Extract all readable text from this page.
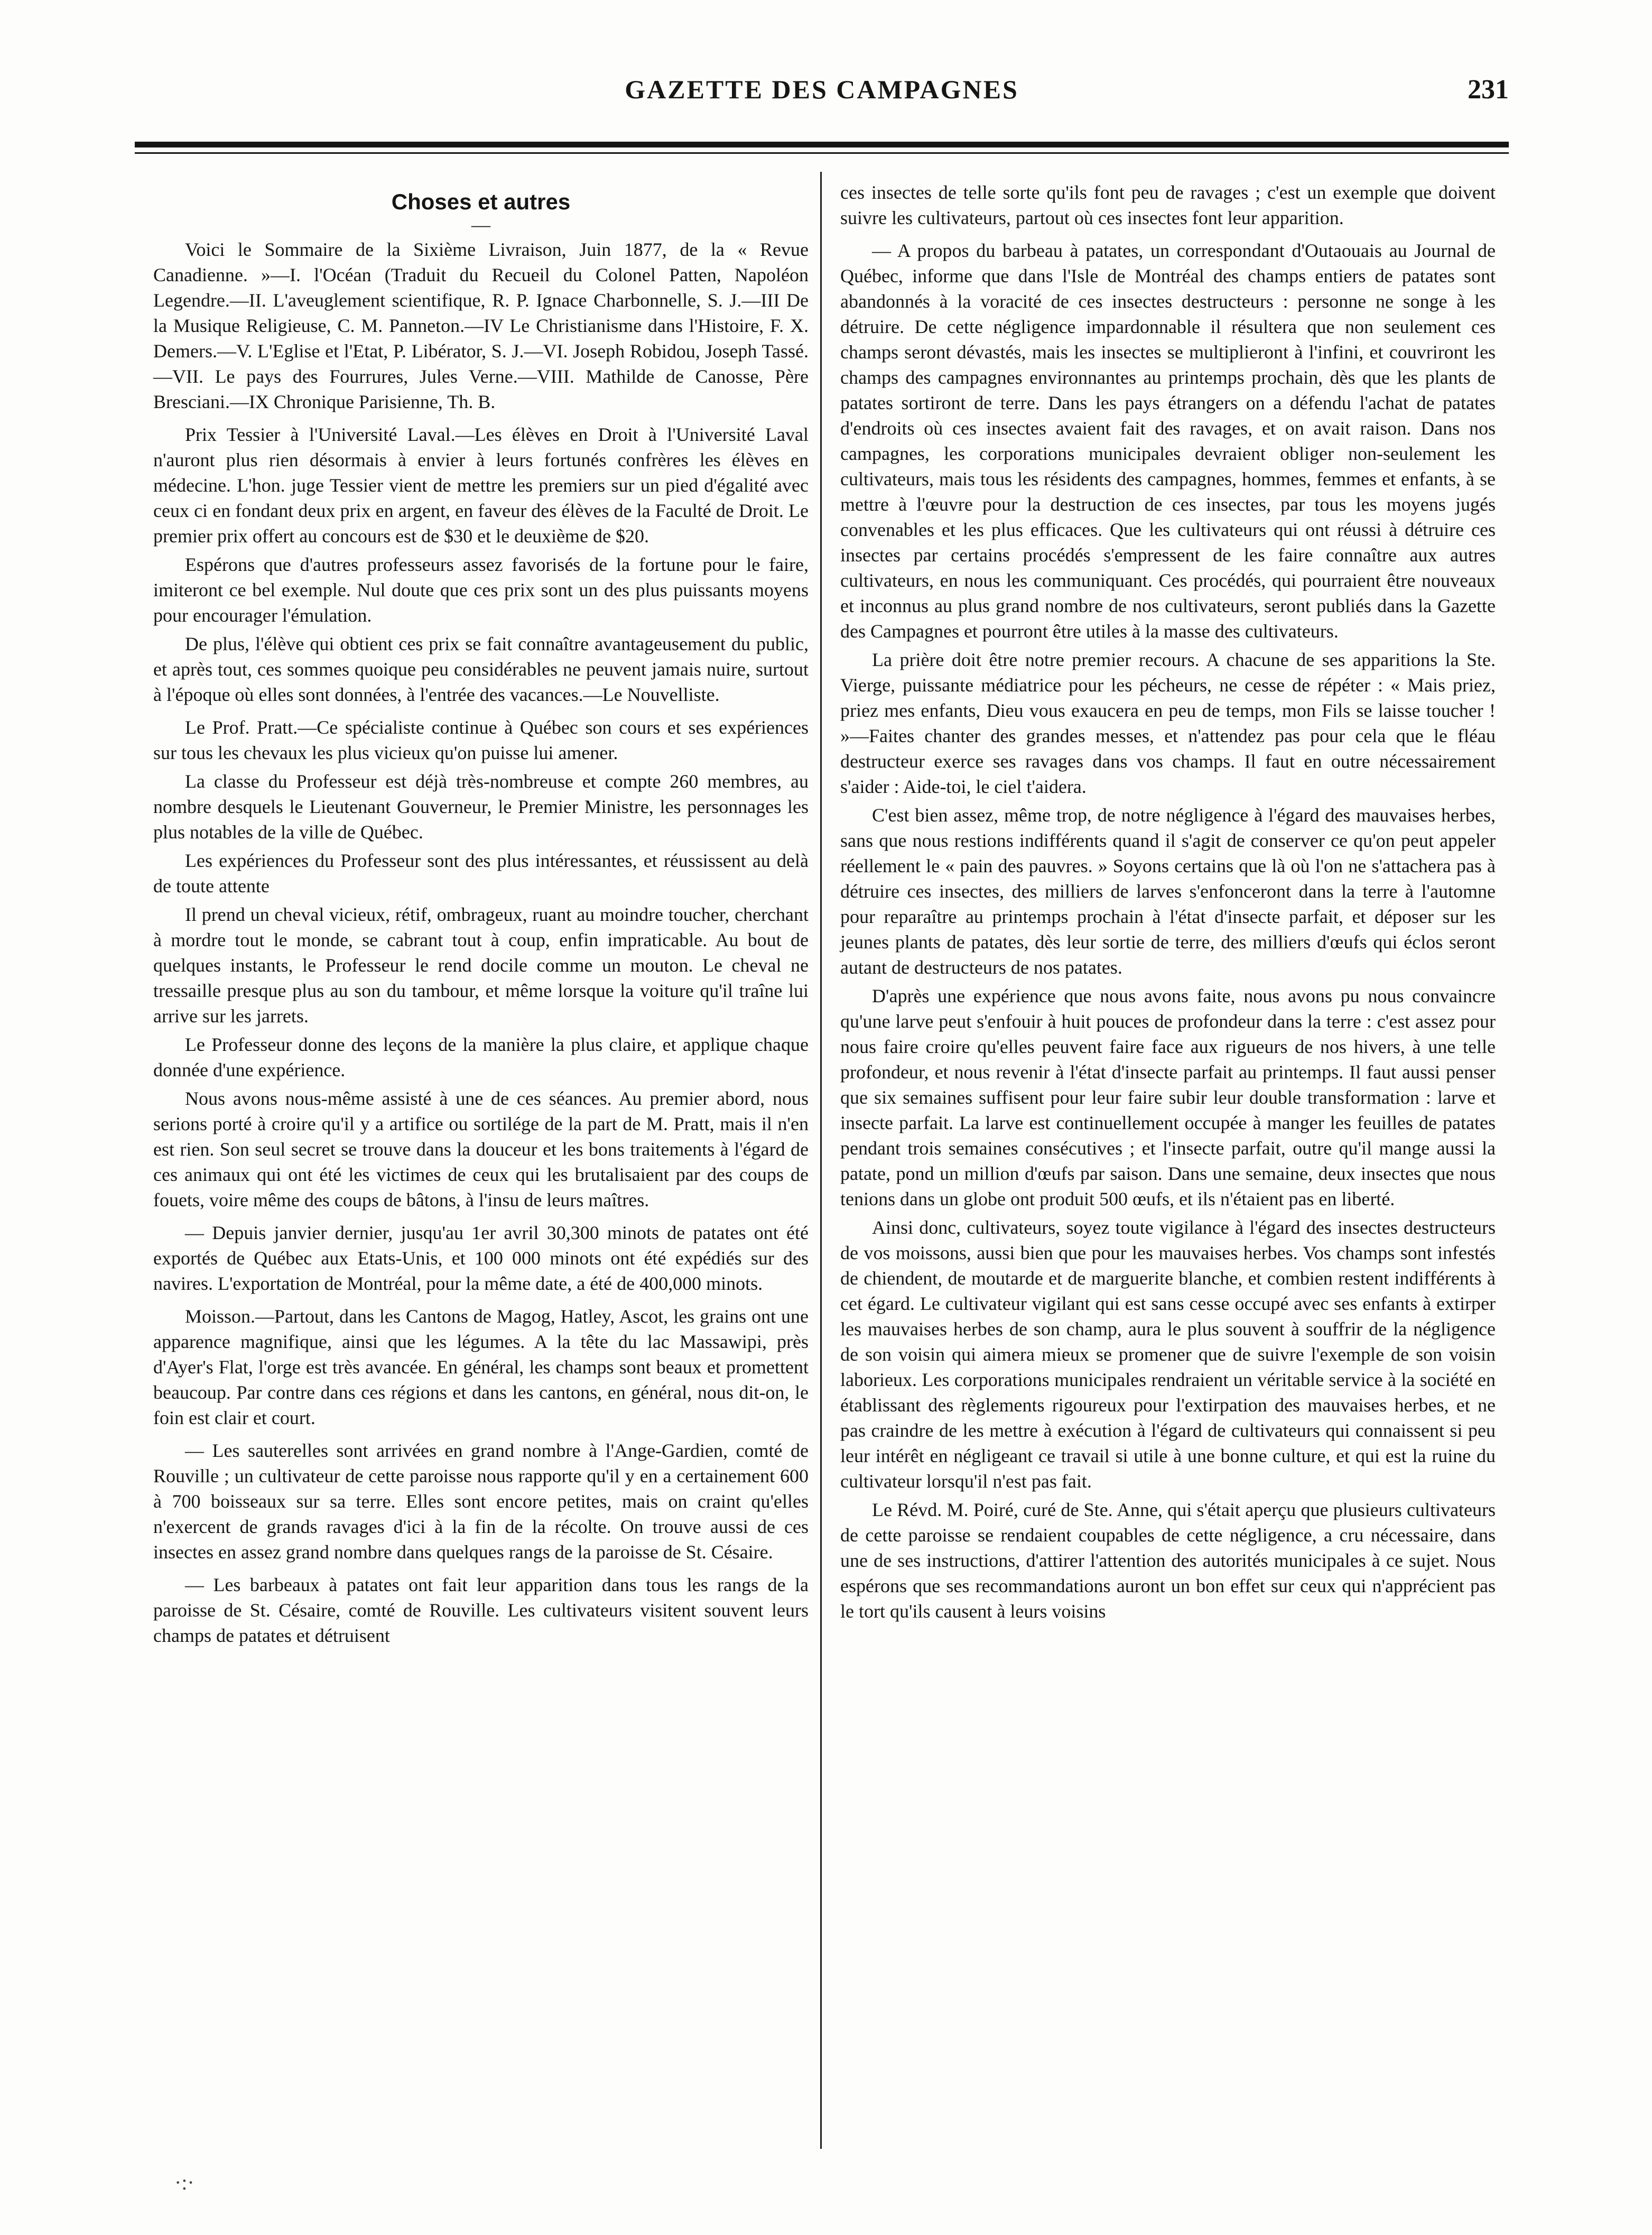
GAZETTE DES CAMPAGNES	231
Choses et autres
—

Voici le Sommaire de la Sixième Livraison, Juin 1877, de la « Revue Canadienne. »—I. l'Océan (Traduit du Recueil du Colonel Patten, Napoléon Legendre.—II. L'aveuglement scientifique, R. P. Ignace Charbonnelle, S. J.—III De la Musique Religieuse, C. M. Panneton.—IV Le Christianisme dans l'Histoire, F. X. Demers.—V. L'Eglise et l'Etat, P. Libérator, S. J.—VI. Joseph Robidou, Joseph Tassé.—VII. Le pays des Fourrures, Jules Verne.—VIII. Mathilde de Canosse, Père Bresciani.—IX Chronique Parisienne, Th. B.

Prix Tessier à l'Université Laval.—Les élèves en Droit à l'Université Laval n'auront plus rien désormais à envier à leurs fortunés confrères les élèves en médecine. L'hon. juge Tessier vient de mettre les premiers sur un pied d'égalité avec ceux ci en fondant deux prix en argent, en faveur des élèves de la Faculté de Droit. Le premier prix offert au concours est de $30 et le deuxième de $20.

Espérons que d'autres professeurs assez favorisés de la fortune pour le faire, imiteront ce bel exemple. Nul doute que ces prix sont un des plus puissants moyens pour encourager l'émulation.

De plus, l'élève qui obtient ces prix se fait connaître avantageusement du public, et après tout, ces sommes quoique peu considérables ne peuvent jamais nuire, surtout à l'époque où elles sont données, à l'entrée des vacances.—Le Nouvelliste.

Le Prof. Pratt.—Ce spécialiste continue à Québec son cours et ses expériences sur tous les chevaux les plus vicieux qu'on puisse lui amener.

La classe du Professeur est déjà très-nombreuse et compte 260 membres, au nombre desquels le Lieutenant Gouverneur, le Premier Ministre, les personnages les plus notables de la ville de Québec.

Les expériences du Professeur sont des plus intéressantes, et réussissent au delà de toute attente

Il prend un cheval vicieux, rétif, ombrageux, ruant au moindre toucher, cherchant à mordre tout le monde, se cabrant tout à coup, enfin impraticable. Au bout de quelques instants, le Professeur le rend docile comme un mouton. Le cheval ne tressaille presque plus au son du tambour, et même lorsque la voiture qu'il traîne lui arrive sur les jarrets.

Le Professeur donne des leçons de la manière la plus claire, et applique chaque donnée d'une expérience.

Nous avons nous-même assisté à une de ces séances. Au premier abord, nous serions porté à croire qu'il y a artifice ou sortilége de la part de M. Pratt, mais il n'en est rien. Son seul secret se trouve dans la douceur et les bons traitements à l'égard de ces animaux qui ont été les victimes de ceux qui les brutalisaient par des coups de fouets, voire même des coups de bâtons, à l'insu de leurs maîtres.

— Depuis janvier dernier, jusqu'au 1er avril 30,300 minots de patates ont été exportés de Québec aux Etats-Unis, et 100 000 minots ont été expédiés sur des navires. L'exportation de Montréal, pour la même date, a été de 400,000 minots.

Moisson.—Partout, dans les Cantons de Magog, Hatley, Ascot, les grains ont une apparence magnifique, ainsi que les légumes. A la tête du lac Massawipi, près d'Ayer's Flat, l'orge est très avancée. En général, les champs sont beaux et promettent beaucoup. Par contre dans ces régions et dans les cantons, en général, nous dit-on, le foin est clair et court.

— Les sauterelles sont arrivées en grand nombre à l'Ange-Gardien, comté de Rouville ; un cultivateur de cette paroisse nous rapporte qu'il y en a certainement 600 à 700 boisseaux sur sa terre. Elles sont encore petites, mais on craint qu'elles n'exercent de grands ravages d'ici à la fin de la récolte. On trouve aussi de ces insectes en assez grand nombre dans quelques rangs de la paroisse de St. Césaire.

— Les barbeaux à patates ont fait leur apparition dans tous les rangs de la paroisse de St. Césaire, comté de Rouville. Les cultivateurs visitent souvent leurs champs de patates et détruisent

ces insectes de telle sorte qu'ils font peu de ravages ; c'est un exemple que doivent suivre les cultivateurs, partout où ces insectes font leur apparition.

— A propos du barbeau à patates, un correspondant d'Outaouais au Journal de Québec, informe que dans l'Isle de Montréal des champs entiers de patates sont abandonnés à la voracité de ces insectes destructeurs : personne ne songe à les détruire. De cette négligence impardonnable il résultera que non seulement ces champs seront dévastés, mais les insectes se multiplieront à l'infini, et couvriront les champs des campagnes environnantes au printemps prochain, dès que les plants de patates sortiront de terre. Dans les pays étrangers on a défendu l'achat de patates d'endroits où ces insectes avaient fait des ravages, et on avait raison. Dans nos campagnes, les corporations municipales devraient obliger non-seulement les cultivateurs, mais tous les résidents des campagnes, hommes, femmes et enfants, à se mettre à l'œuvre pour la destruction de ces insectes, par tous les moyens jugés convenables et les plus efficaces. Que les cultivateurs qui ont réussi à détruire ces insectes par certains procédés s'empressent de les faire connaître aux autres cultivateurs, en nous les communiquant. Ces procédés, qui pourraient être nouveaux et inconnus au plus grand nombre de nos cultivateurs, seront publiés dans la Gazette des Campagnes et pourront être utiles à la masse des cultivateurs.

La prière doit être notre premier recours. A chacune de ses apparitions la Ste. Vierge, puissante médiatrice pour les pécheurs, ne cesse de répéter : « Mais priez, priez mes enfants, Dieu vous exaucera en peu de temps, mon Fils se laisse toucher ! »—Faites chanter des grandes messes, et n'attendez pas pour cela que le fléau destructeur exerce ses ravages dans vos champs. Il faut en outre nécessairement s'aider : Aide-toi, le ciel t'aidera.

C'est bien assez, même trop, de notre négligence à l'égard des mauvaises herbes, sans que nous restions indifférents quand il s'agit de conserver ce qu'on peut appeler réellement le « pain des pauvres. » Soyons certains que là où l'on ne s'attachera pas à détruire ces insectes, des milliers de larves s'enfonceront dans la terre à l'automne pour reparaître au printemps prochain à l'état d'insecte parfait, et déposer sur les jeunes plants de patates, dès leur sortie de terre, des milliers d'œufs qui éclos seront autant de destructeurs de nos patates.

D'après une expérience que nous avons faite, nous avons pu nous convaincre qu'une larve peut s'enfouir à huit pouces de profondeur dans la terre : c'est assez pour nous faire croire qu'elles peuvent faire face aux rigueurs de nos hivers, à une telle profondeur, et nous revenir à l'état d'insecte parfait au printemps. Il faut aussi penser que six semaines suffisent pour leur faire subir leur double transformation : larve et insecte parfait. La larve est continuellement occupée à manger les feuilles de patates pendant trois semaines consécutives ; et l'insecte parfait, outre qu'il mange aussi la patate, pond un million d'œufs par saison. Dans une semaine, deux insectes que nous tenions dans un globe ont produit 500 œufs, et ils n'étaient pas en liberté.

Ainsi donc, cultivateurs, soyez toute vigilance à l'égard des insectes destructeurs de vos moissons, aussi bien que pour les mauvaises herbes. Vos champs sont infestés de chiendent, de moutarde et de marguerite blanche, et combien restent indifférents à cet égard. Le cultivateur vigilant qui est sans cesse occupé avec ses enfants à extirper les mauvaises herbes de son champ, aura le plus souvent à souffrir de la négligence de son voisin qui aimera mieux se promener que de suivre l'exemple de son voisin laborieux. Les corporations municipales rendraient un véritable service à la société en établissant des règlements rigoureux pour l'extirpation des mauvaises herbes, et ne pas craindre de les mettre à exécution à l'égard de cultivateurs qui connaissent si peu leur intérêt en négligeant ce travail si utile à une bonne culture, et qui est la ruine du cultivateur lorsqu'il n'est pas fait.

Le Révd. M. Poiré, curé de Ste. Anne, qui s'était aperçu que plusieurs cultivateurs de cette paroisse se rendaient coupables de cette négligence, a cru nécessaire, dans une de ses instructions, d'attirer l'attention des autorités municipales à ce sujet. Nous espérons que ses recommandations auront un bon effet sur ceux qui n'apprécient pas le tort qu'ils causent à leurs voisins

·:·
